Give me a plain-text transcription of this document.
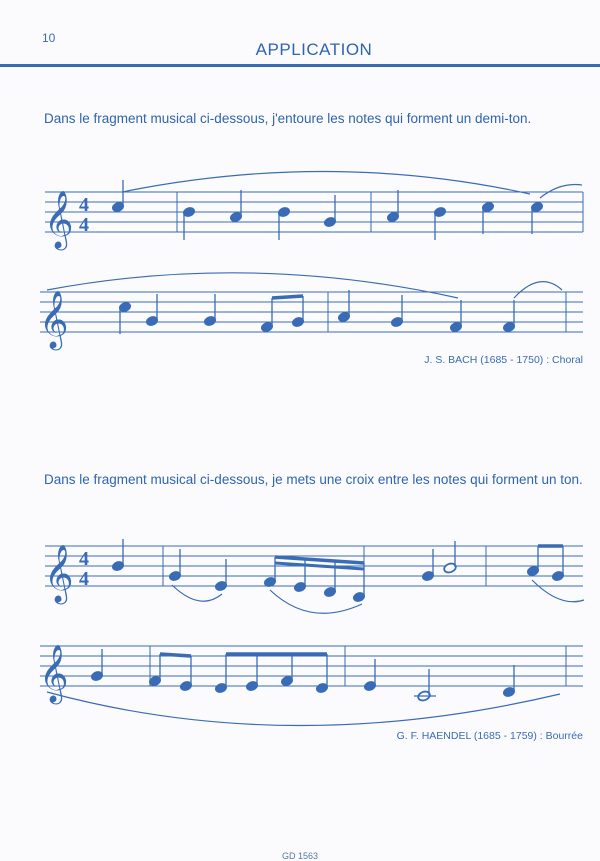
10
APPLICATION
Dans le fragment musical ci-dessous, j'entoure les notes qui forment un demi-ton.
J. S. BACH (1685 - 1750) : Choral
Dans le fragment musical ci-dessous, je mets une croix entre les notes qui forment un ton.
G. F. HAENDEL (1685 - 1759) : Bourrée
GD 1563
𝄞
𝄞
𝄞
𝄞
4
4
4
4
